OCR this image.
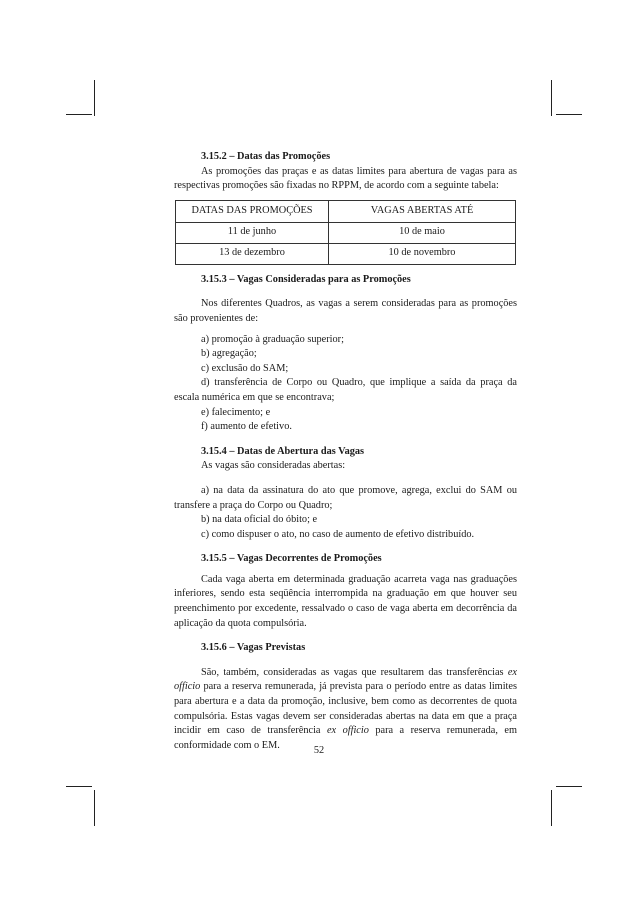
3.15.2 – Datas das Promoções

As promoções das praças e as datas limites para abertura de vagas para as respectivas promoções são fixadas no RPPM, de acordo com a seguinte tabela:

DATAS DAS PROMOÇÕES	VAGAS ABERTAS ATÉ
11 de junho	10 de maio
13 de dezembro	10 de novembro
3.15.3 – Vagas Consideradas para as Promoções

Nos diferentes Quadros, as vagas a serem consideradas para as promoções são provenientes de:

a) promoção à graduação superior;

b) agregação;

c) exclusão do SAM;

d) transferência de Corpo ou Quadro, que implique a saída da praça da escala numérica em que se encontrava;

e) falecimento; e

f) aumento de efetivo.

3.15.4 – Datas de Abertura das Vagas

As vagas são consideradas abertas:

a) na data da assinatura do ato que promove, agrega, exclui do SAM ou transfere a praça do Corpo ou Quadro;

b) na data oficial do óbito; e

c) como dispuser o ato, no caso de aumento de efetivo distribuído.

3.15.5 – Vagas Decorrentes de Promoções

Cada vaga aberta em determinada graduação acarreta vaga nas graduações inferiores, sendo esta seqüência interrompida na graduação em que houver seu preenchimento por excedente, ressalvado o caso de vaga aberta em decorrência da aplicação da quota compulsória.

3.15.6 – Vagas Previstas

São, também, consideradas as vagas que resultarem das transferências ex officio para a reserva remunerada, já prevista para o período entre as datas limites para abertura e a data da promoção, inclusive, bem como as decorrentes de quota compulsória. Estas vagas devem ser consideradas abertas na data em que a praça incidir em caso de transferência ex officio para a reserva remunerada, em conformidade com o EM.	52
